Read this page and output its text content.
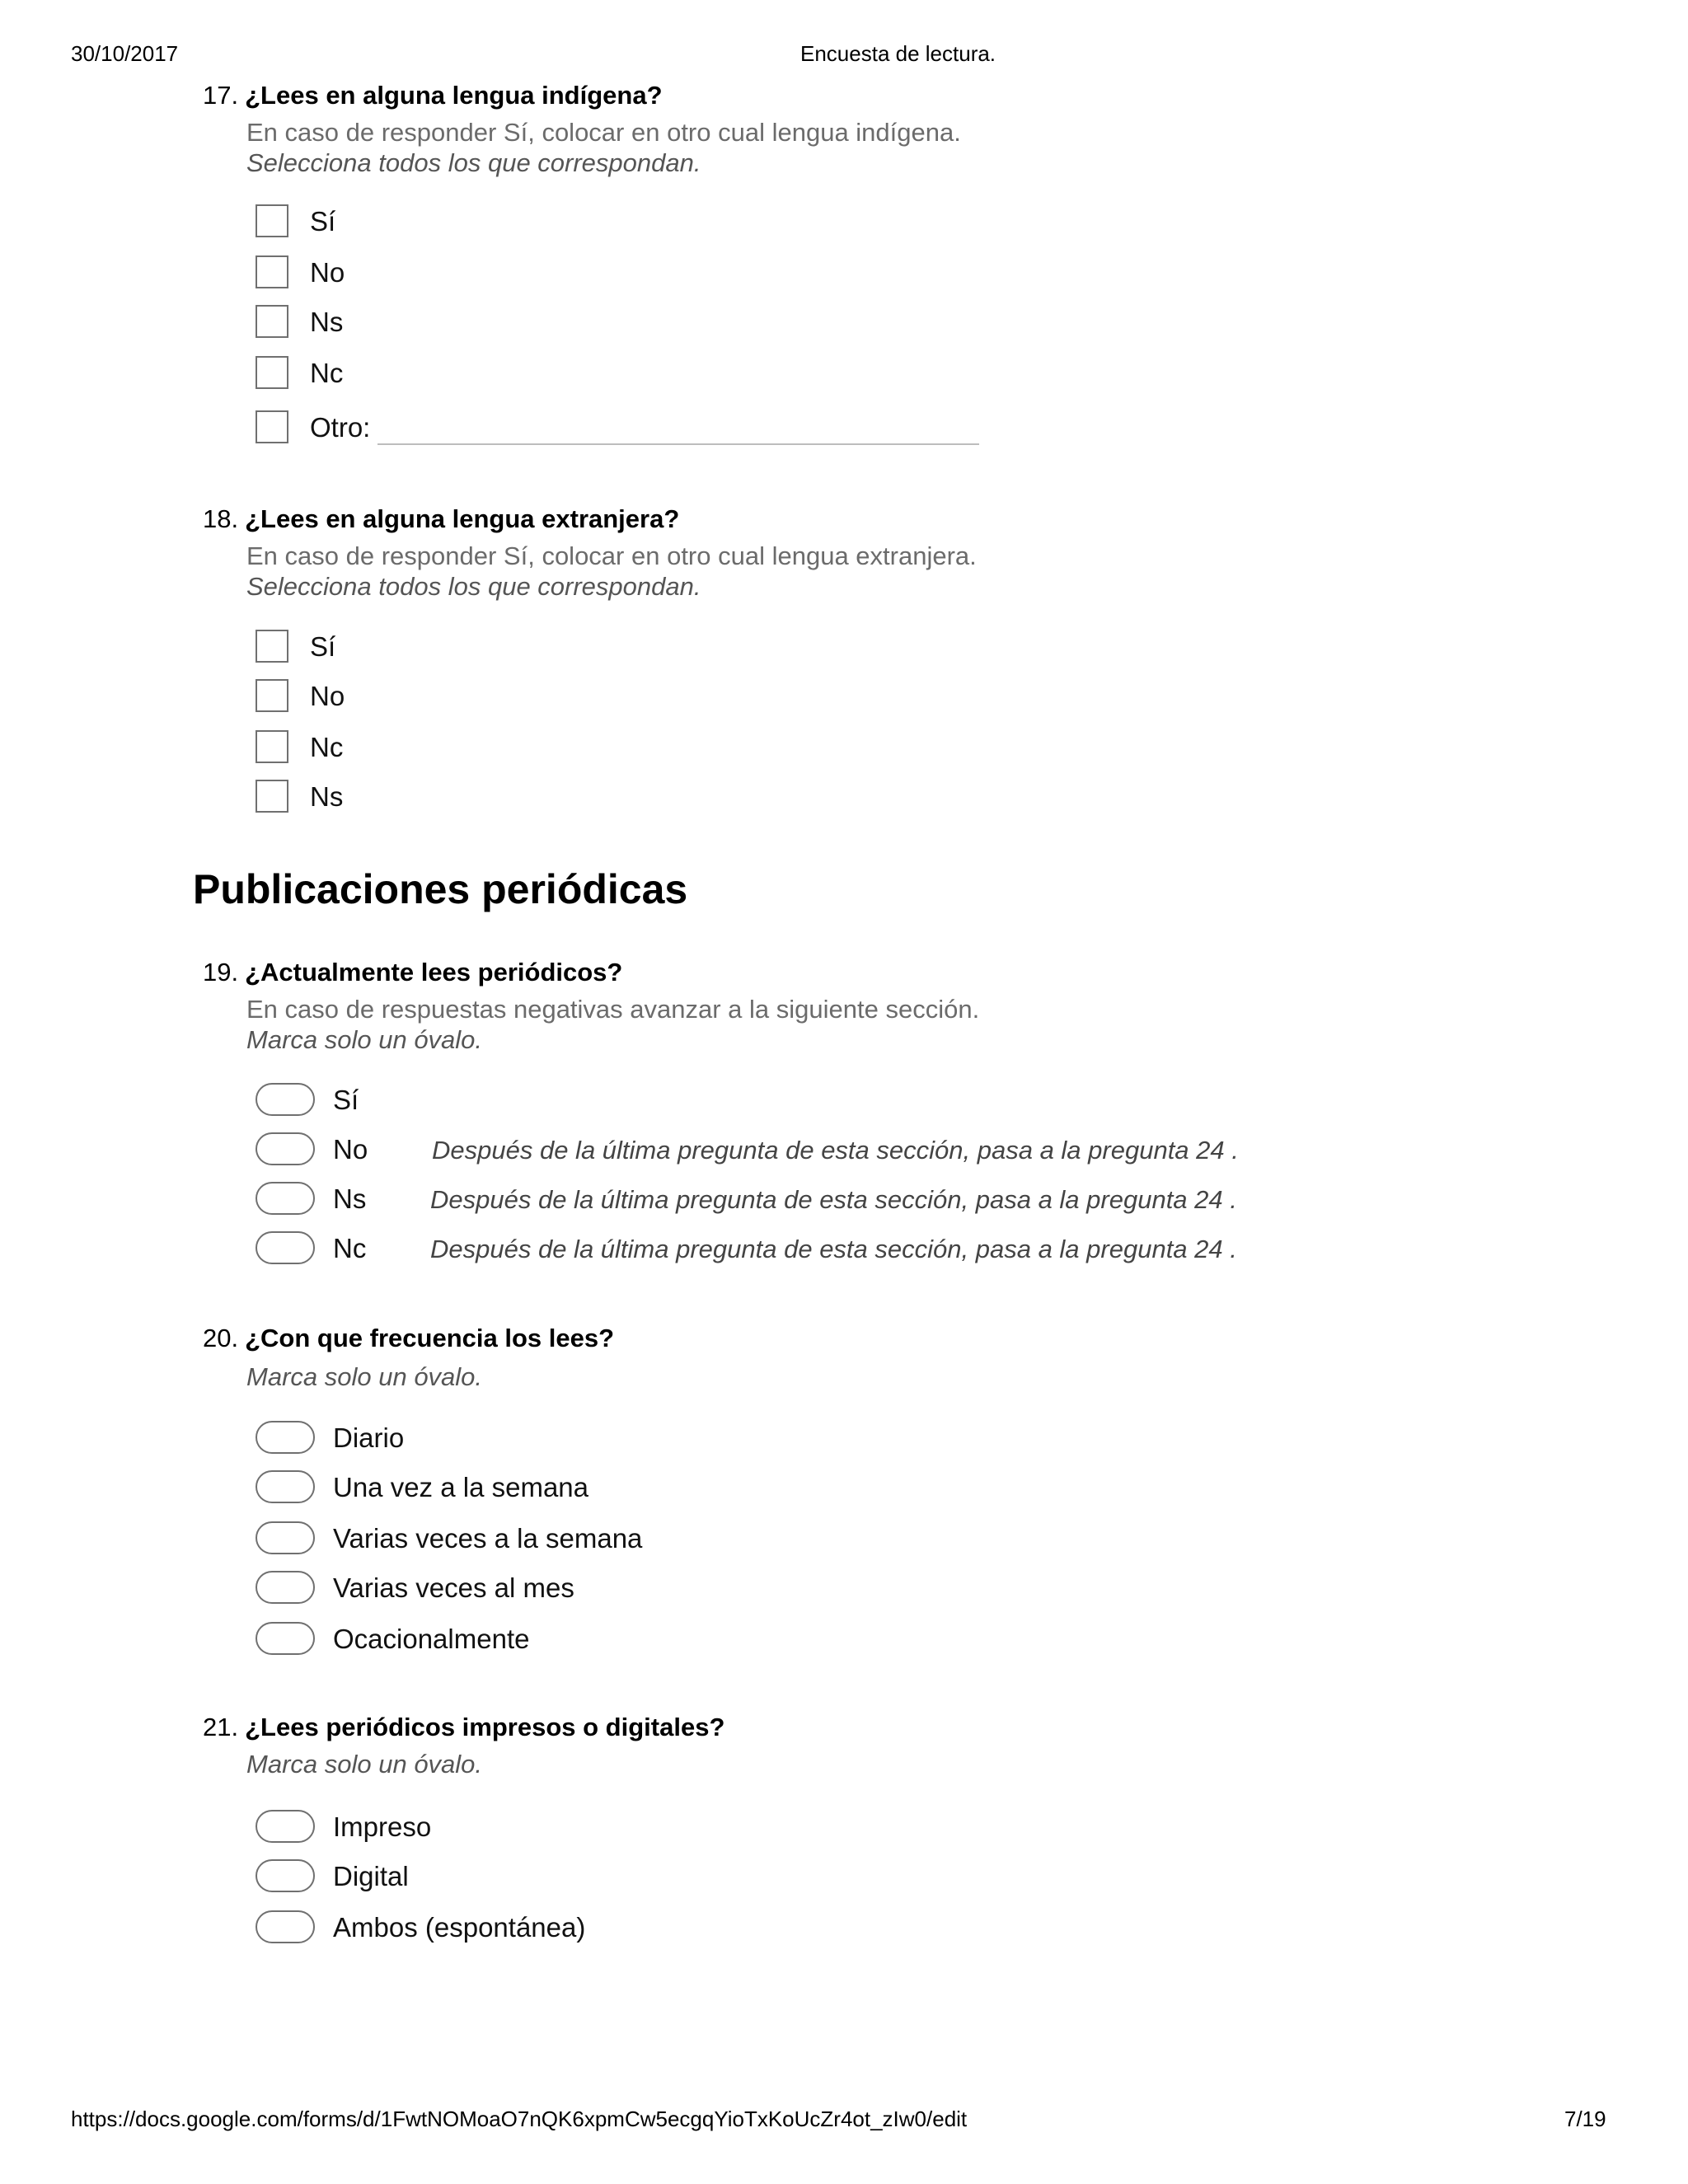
30/10/2017	Encuesta de lectura.
17. ¿Lees en alguna lengua indígena?
En caso de responder Sí, colocar en otro cual lengua indígena.
Selecciona todos los que correspondan.
Sí
No
Ns
Nc
Otro:
18. ¿Lees en alguna lengua extranjera?
En caso de responder Sí, colocar en otro cual lengua extranjera.
Selecciona todos los que correspondan.
Sí
No
Nc
Ns
Publicaciones periódicas
19. ¿Actualmente lees periódicos?
En caso de respuestas negativas avanzar a la siguiente sección.
Marca solo un óvalo.
Sí
No	Después de la última pregunta de esta sección, pasa a la pregunta 24 .
Ns	Después de la última pregunta de esta sección, pasa a la pregunta 24 .
Nc	Después de la última pregunta de esta sección, pasa a la pregunta 24 .
20. ¿Con que frecuencia los lees?
Marca solo un óvalo.
Diario
Una vez a la semana
Varias veces a la semana
Varias veces al mes
Ocacionalmente
21. ¿Lees periódicos impresos o digitales?
Marca solo un óvalo.
Impreso
Digital
Ambos (espontánea)
https://docs.google.com/forms/d/1FwtNOMoaO7nQK6xpmCw5ecgqYioTxKoUcZr4ot_zIw0/edit	7/19
